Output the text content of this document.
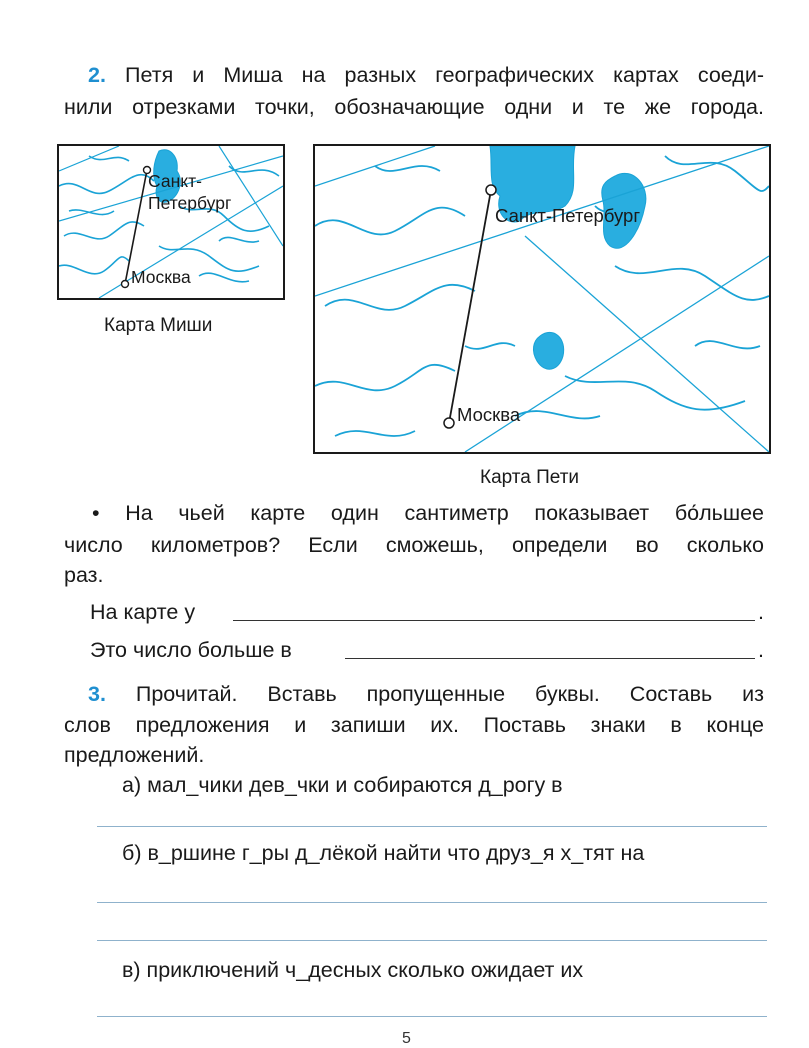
2. Петя и Миша на разных географических картах соеди-
нили отрезками точки, обозначающие одни и те же города.
Санкт-
Петербург
Москва
Карта Миши
Санкт-Петербург
Москва
Карта Пети
• На чьей карте один сантиметр показывает бо́льшее
число километров? Если сможешь, определи во сколько
раз.
На карте у	.
Это число больше в	.
3. Прочитай. Вставь пропущенные буквы. Составь из
слов предложения и запиши их. Поставь знаки в конце
предложений.
а) мал_чики дев_чки и собираются д_рогу в
б) в_ршине г_ры д_лёкой найти что друз_я х_тят на
в) приключений ч_десных сколько ожидает их
5
